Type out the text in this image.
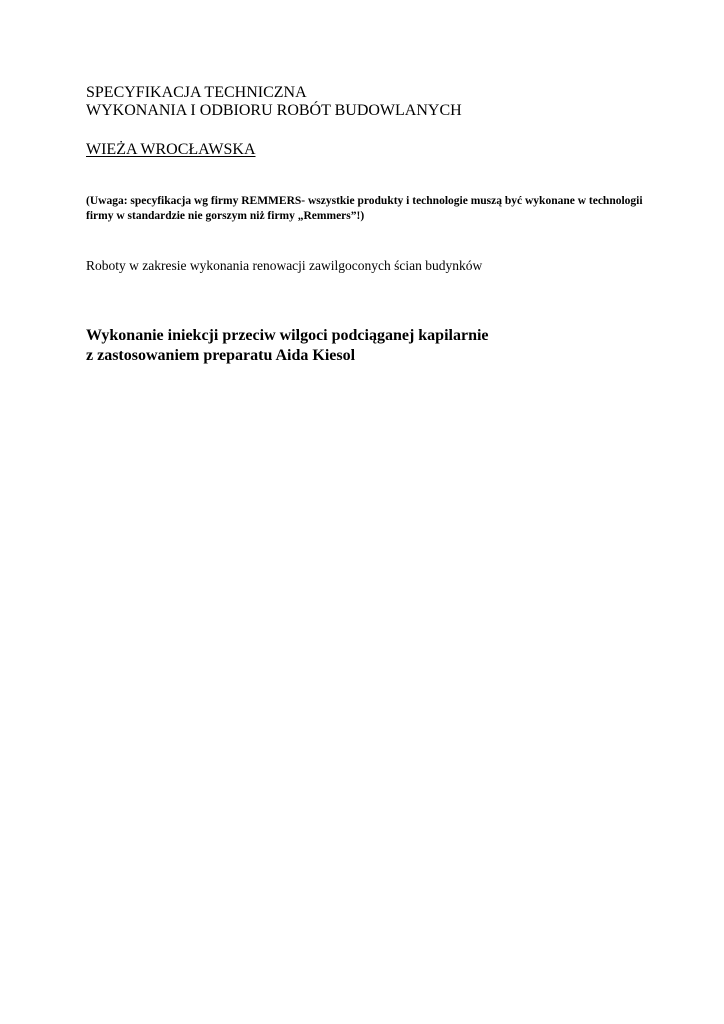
SPECYFIKACJA TECHNICZNA
WYKONANIA I ODBIORU ROBÓT BUDOWLANYCH
WIEŻA WROCŁAWSKA
(Uwaga: specyfikacja wg firmy REMMERS- wszystkie produkty i technologie muszą być wykonane w technologii
firmy w standardzie nie gorszym niż firmy „Remmers”!)
Roboty w zakresie wykonania renowacji zawilgoconych ścian budynków
Wykonanie iniekcji przeciw wilgoci podciąganej kapilarnie
z zastosowaniem preparatu Aida Kiesol
